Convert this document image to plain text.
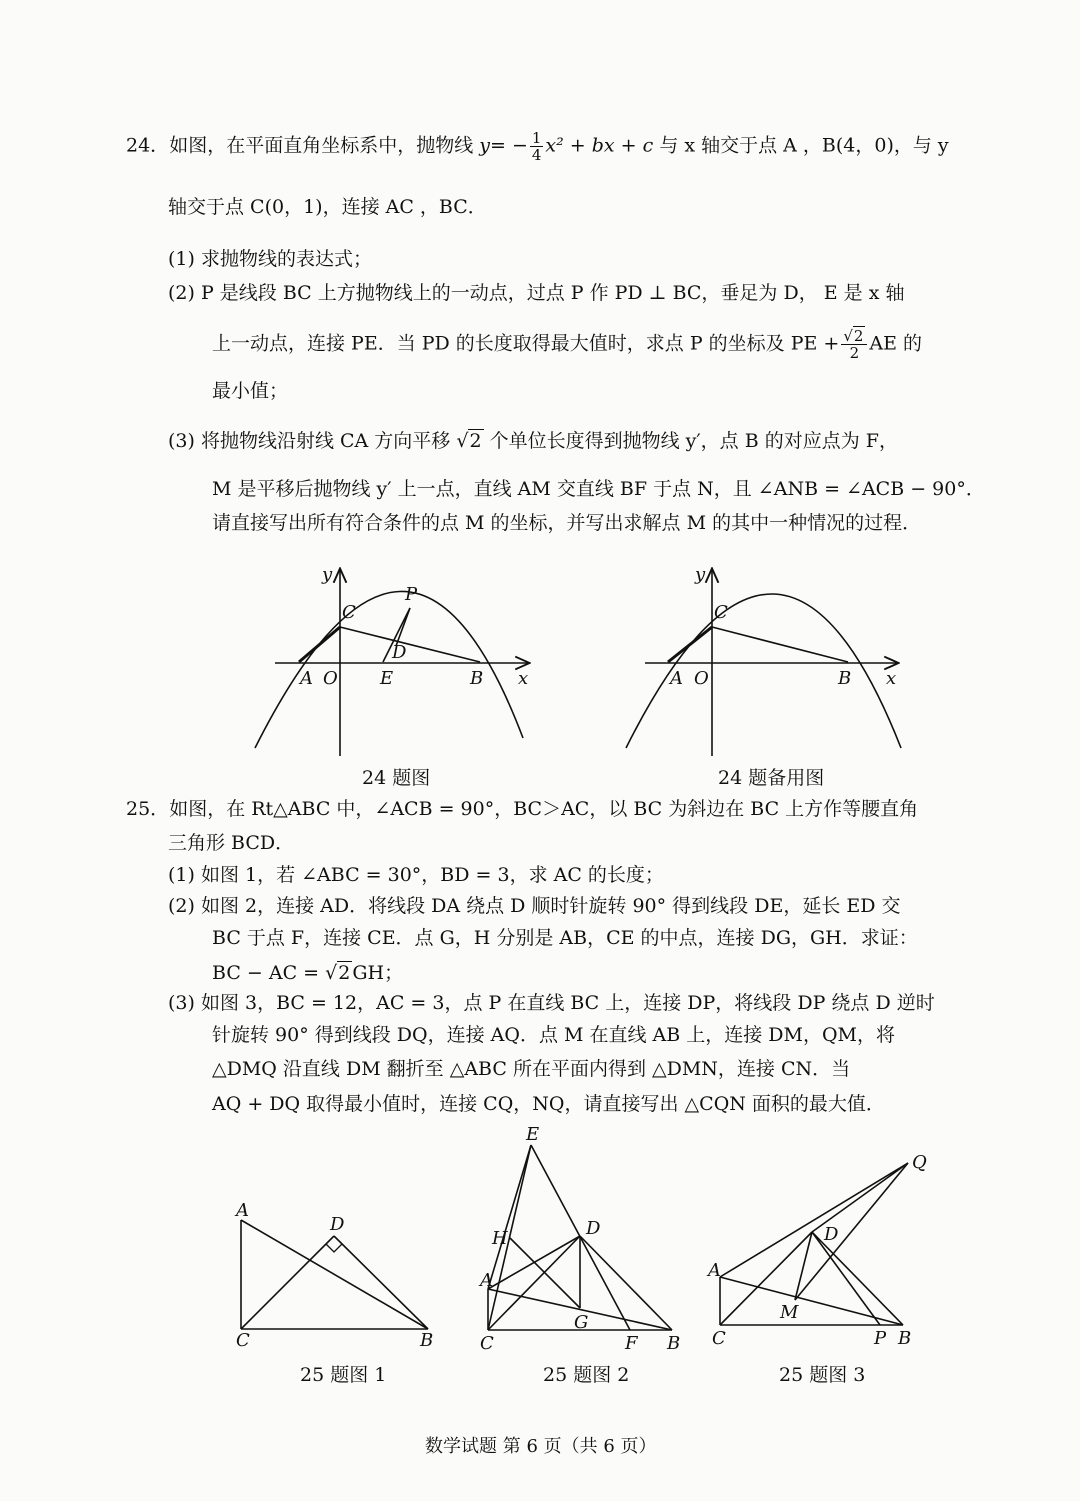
24．如图，在平面直角坐标系中，抛物线 $y= - \frac{1}{4} x^2$ + bx + c 与 x 轴交于点 A ，B(4，0)，与 y
轴交于点 C(0，1)，连接 AC ，BC．
(1) 求抛物线的表达式；
(2) P 是线段 BC 上方抛物线上的一动点，过点 P 作 PD ⊥ BC，垂足为 D， E 是 x 轴
上一动点，连接 PE．当 PD 的长度取得最大值时，求点 P 的坐标及 PE + $\frac{√2}{2}$ AE 的
最小值；
(3) 将抛物线沿射线 CA 方向平移 √2 个单位长度得到抛物线 y′，点 B 的对应点为 F，
M 是平移后抛物线 y′ 上一点，直线 AM 交直线 BF 于点 N，且 ∠ANB = ∠ACB − 90°．
请直接写出所有符合条件的点 M 的坐标，并写出求解点 M 的其中一种情况的过程．
y
x
C
P
D
A O E	B
y
x
C
A O	B
A
D
C	B
E
H	D
A
G
C	F B
Q
D
A
M
C	P B
24 题图	24 题备用图
25．如图，在 Rt△ABC 中，∠ACB = 90°，BC＞AC，以 BC 为斜边在 BC 上方作等腰直角
三角形 BCD．
(1) 如图 1，若 ∠ABC = 30°，BD = 3，求 AC 的长度；
(2) 如图 2，连接 AD．将线段 DA 绕点 D 顺时针旋转 90° 得到线段 DE，延长 ED 交
BC 于点 F，连接 CE．点 G，H 分别是 AB，CE 的中点，连接 DG，GH．求证：
BC − AC = √2 GH；
(3) 如图 3，BC = 12，AC = 3，点 P 在直线 BC 上，连接 DP，将线段 DP 绕点 D 逆时
针旋转 90° 得到线段 DQ，连接 AQ．点 M 在直线 AB 上，连接 DM，QM，将
△DMQ 沿直线 DM 翻折至 △ABC 所在平面内得到 △DMN，连接 CN．当
AQ + DQ 取得最小值时，连接 CQ，NQ，请直接写出 △CQN 面积的最大值．
25 题图 1	25 题图 2	25 题图 3
数学试题 第 6 页（共 6 页）
